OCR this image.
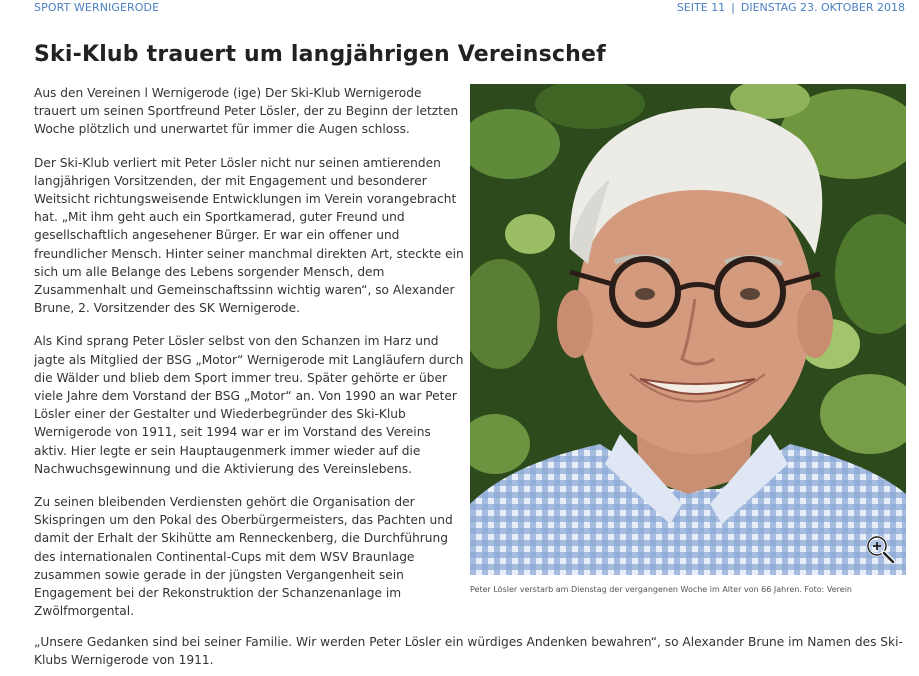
SPORT WERNIGERODE	SEITE 11 | DIENSTAG 23. OKTOBER 2018
Ski-Klub trauert um langjährigen Vereinschef

Aus den Vereinen l Wernigerode (ige) Der Ski-Klub Wernigerode trauert um seinen Sportfreund Peter Lösler, der zu Beginn der letzten Woche plötzlich und unerwartet für immer die Augen schloss.

Der Ski-Klub verliert mit Peter Lösler nicht nur seinen amtierenden langjährigen Vorsitzenden, der mit Engagement und besonderer Weitsicht richtungsweisende Entwicklungen im Verein vorangebracht hat. „Mit ihm geht auch ein Sportkamerad, guter Freund und gesellschaftlich angesehener Bürger. Er war ein offener und freundlicher Mensch. Hinter seiner manchmal direkten Art, steckte ein sich um alle Belange des Lebens sorgender Mensch, dem Zusammenhalt und Gemeinschaftssinn wichtig waren“, so Alexander Brune, 2. Vorsitzender des SK Wernigerode.

Als Kind sprang Peter Lösler selbst von den Schanzen im Harz und jagte als Mitglied der BSG „Motor“ Wernigerode mit Langläufern durch die Wälder und blieb dem Sport immer treu. Später gehörte er über viele Jahre dem Vorstand der BSG „Motor“ an. Von 1990 an war Peter Lösler einer der Gestalter und Wiederbegründer des Ski-Klub Wernigerode von 1911, seit 1994 war er im Vorstand des Vereins aktiv. Hier legte er sein Hauptaugenmerk immer wieder auf die Nachwuchsgewinnung und die Aktivierung des Vereinslebens.

Zu seinen bleibenden Verdiensten gehört die Organisation der Skispringen um den Pokal des Oberbürgermeisters, das Pachten und damit der Erhalt der Skihütte am Renneckenberg, die Durchführung des internationalen Continental-Cups mit dem WSV Braunlage zusammen sowie gerade in der jüngsten Vergangenheit sein Engagement bei der Rekonstruktion der Schanzenanlage im Zwölfmorgental.

Peter Lösler verstarb am Dienstag der vergangenen Woche im Alter von 66 Jahren. Foto: Verein

„Unsere Gedanken sind bei seiner Familie. Wir werden Peter Lösler ein würdiges Andenken bewahren“, so Alexander Brune im Namen des Ski-Klubs Wernigerode von 1911.
